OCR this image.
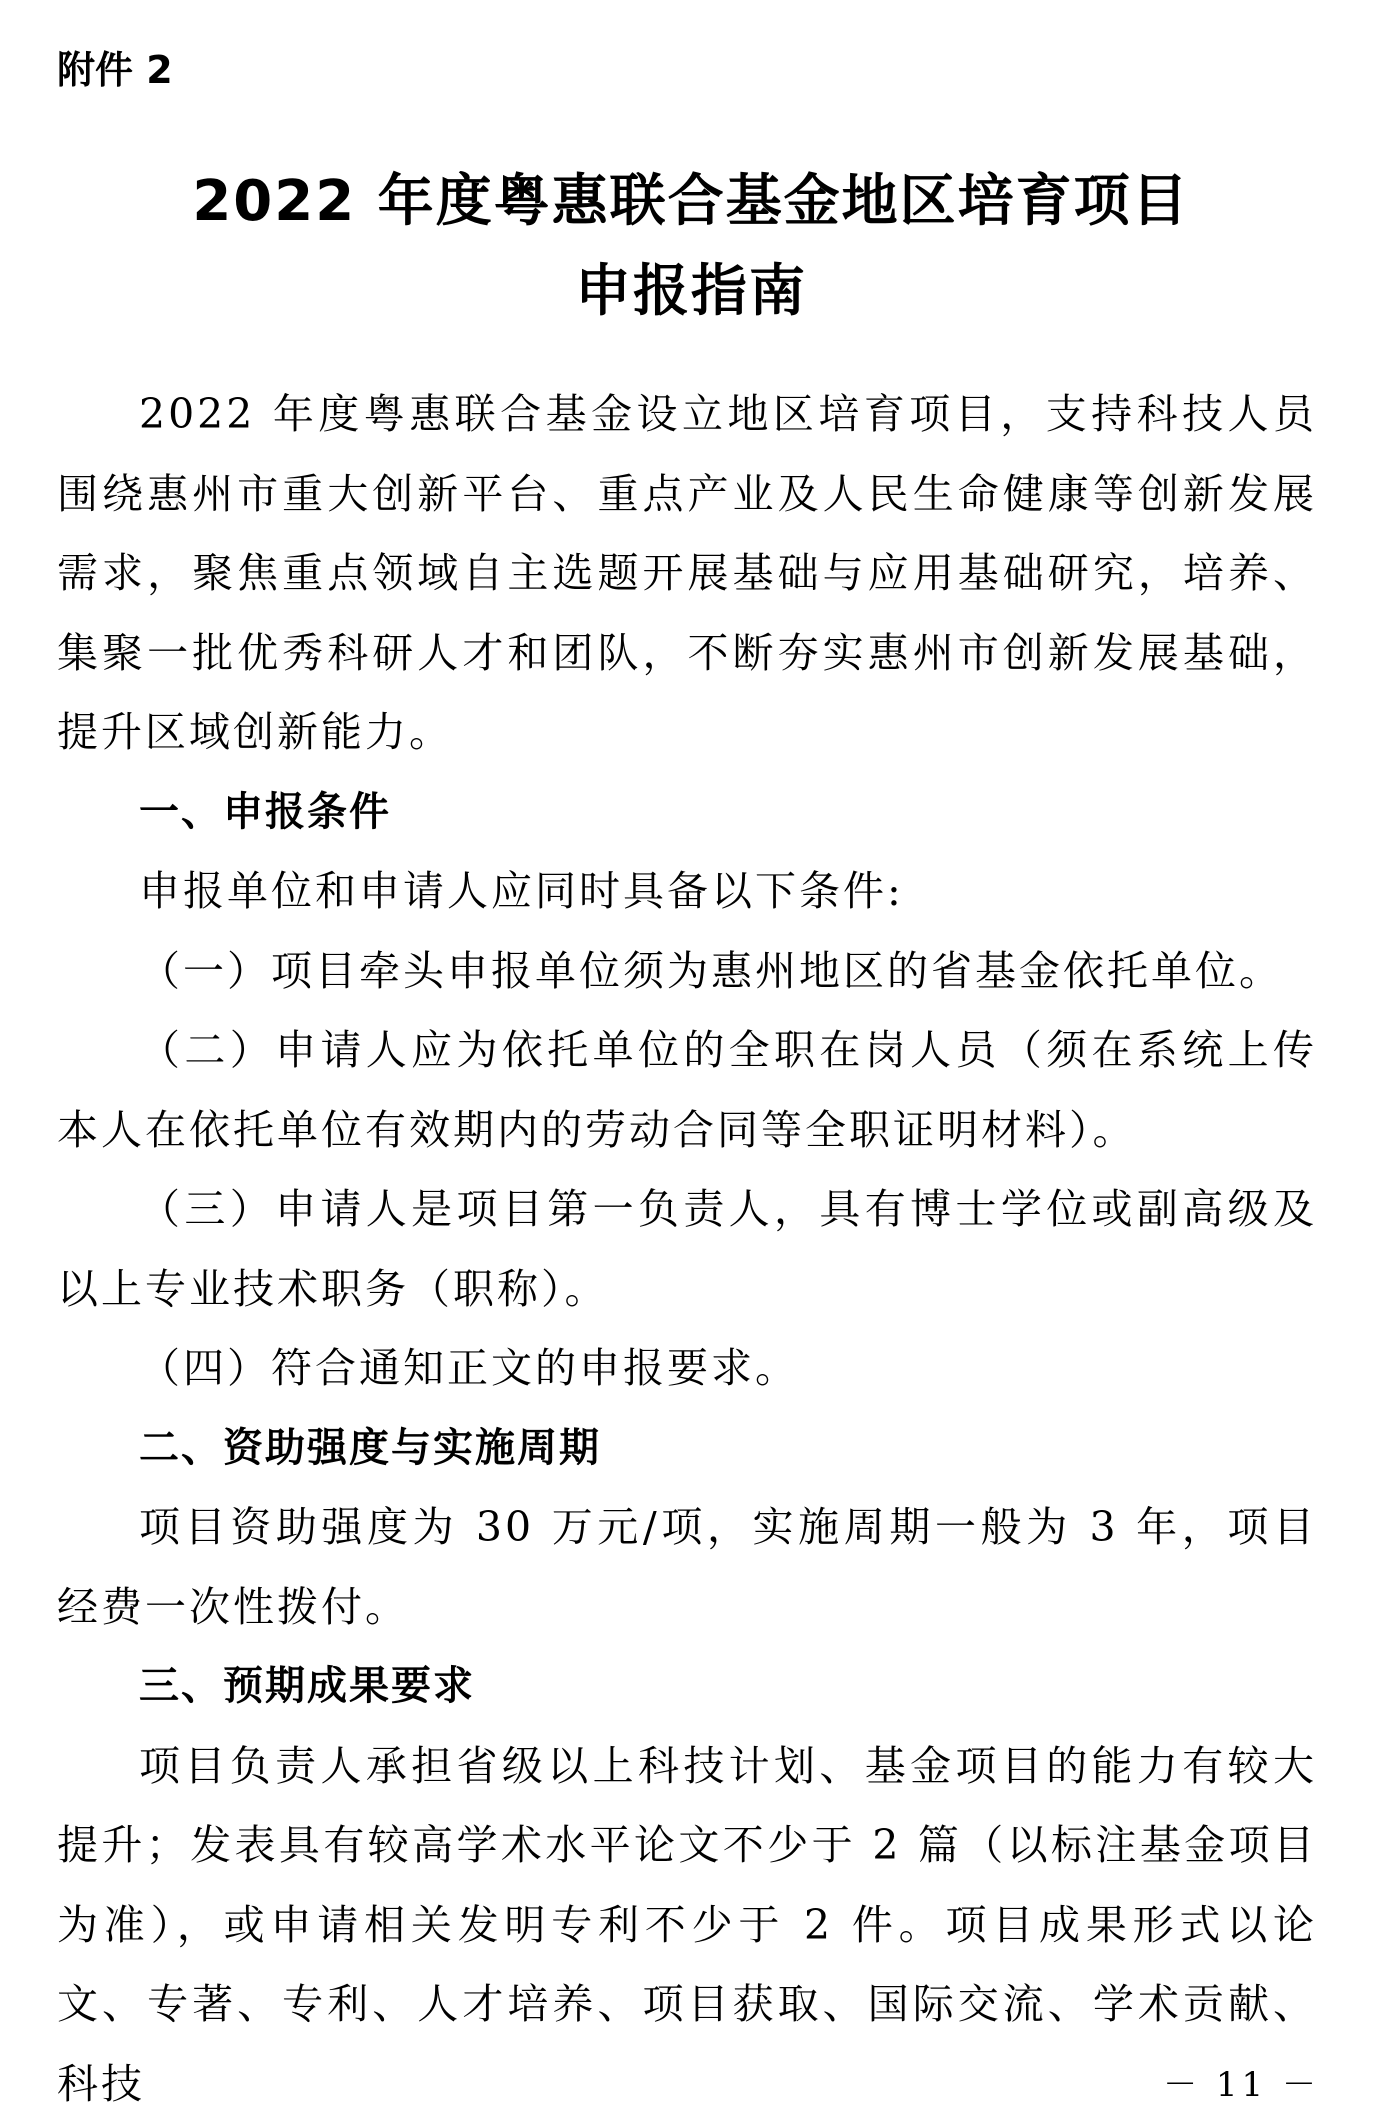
附件 2

2022 年度粤惠联合基金地区培育项目
申报指南

2022 年度粤惠联合基金设立地区培育项目，支持科技人员围绕惠州市重大创新平台、重点产业及人民生命健康等创新发展需求，聚焦重点领域自主选题开展基础与应用基础研究，培养、集聚一批优秀科研人才和团队，不断夯实惠州市创新发展基础，提升区域创新能力。

一、申报条件

申报单位和申请人应同时具备以下条件:

（一）项目牵头申报单位须为惠州地区的省基金依托单位。

（二）申请人应为依托单位的全职在岗人员（须在系统上传本人在依托单位有效期内的劳动合同等全职证明材料）。

（三）申请人是项目第一负责人，具有博士学位或副高级及以上专业技术职务（职称）。

（四）符合通知正文的申报要求。

二、资助强度与实施周期

项目资助强度为 30 万元/项，实施周期一般为 3 年，项目经费一次性拨付。

三、预期成果要求

项目负责人承担省级以上科技计划、基金项目的能力有较大提升；发表具有较高学术水平论文不少于 2 篇（以标注基金项目为准），或申请相关发明专利不少于 2 件。项目成果形式以论文、专著、专利、人才培养、项目获取、国际交流、学术贡献、科技	－ 11 －
